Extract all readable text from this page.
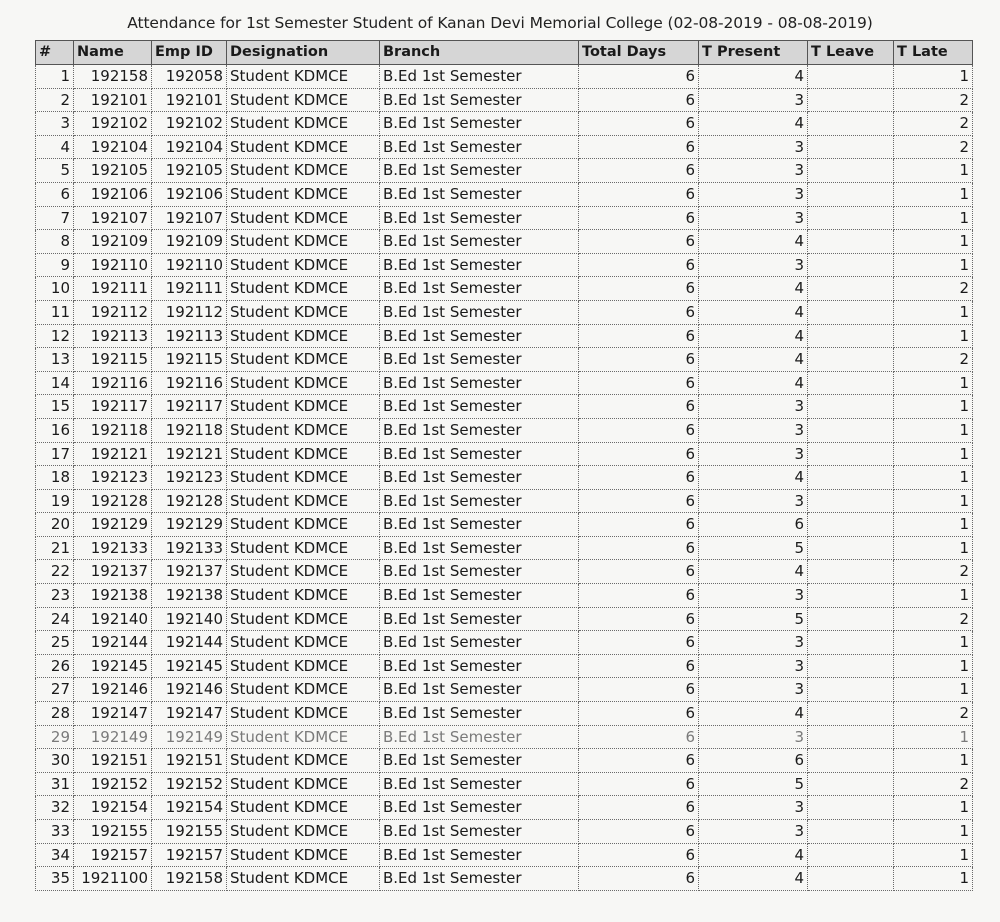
Attendance for 1st Semester Student of Kanan Devi Memorial College (02-08-2019 - 08-08-2019)
#	Name	Emp ID	Designation	Branch	Total Days	T Present	T Leave	T Late
1	192158	192058	Student KDMCE	B.Ed 1st Semester	6	4		1
2	192101	192101	Student KDMCE	B.Ed 1st Semester	6	3		2
3	192102	192102	Student KDMCE	B.Ed 1st Semester	6	4		2
4	192104	192104	Student KDMCE	B.Ed 1st Semester	6	3		2
5	192105	192105	Student KDMCE	B.Ed 1st Semester	6	3		1
6	192106	192106	Student KDMCE	B.Ed 1st Semester	6	3		1
7	192107	192107	Student KDMCE	B.Ed 1st Semester	6	3		1
8	192109	192109	Student KDMCE	B.Ed 1st Semester	6	4		1
9	192110	192110	Student KDMCE	B.Ed 1st Semester	6	3		1
10	192111	192111	Student KDMCE	B.Ed 1st Semester	6	4		2
11	192112	192112	Student KDMCE	B.Ed 1st Semester	6	4		1
12	192113	192113	Student KDMCE	B.Ed 1st Semester	6	4		1
13	192115	192115	Student KDMCE	B.Ed 1st Semester	6	4		2
14	192116	192116	Student KDMCE	B.Ed 1st Semester	6	4		1
15	192117	192117	Student KDMCE	B.Ed 1st Semester	6	3		1
16	192118	192118	Student KDMCE	B.Ed 1st Semester	6	3		1
17	192121	192121	Student KDMCE	B.Ed 1st Semester	6	3		1
18	192123	192123	Student KDMCE	B.Ed 1st Semester	6	4		1
19	192128	192128	Student KDMCE	B.Ed 1st Semester	6	3		1
20	192129	192129	Student KDMCE	B.Ed 1st Semester	6	6		1
21	192133	192133	Student KDMCE	B.Ed 1st Semester	6	5		1
22	192137	192137	Student KDMCE	B.Ed 1st Semester	6	4		2
23	192138	192138	Student KDMCE	B.Ed 1st Semester	6	3		1
24	192140	192140	Student KDMCE	B.Ed 1st Semester	6	5		2
25	192144	192144	Student KDMCE	B.Ed 1st Semester	6	3		1
26	192145	192145	Student KDMCE	B.Ed 1st Semester	6	3		1
27	192146	192146	Student KDMCE	B.Ed 1st Semester	6	3		1
28	192147	192147	Student KDMCE	B.Ed 1st Semester	6	4		2
29	192149	192149	Student KDMCE	B.Ed 1st Semester	6	3		1
30	192151	192151	Student KDMCE	B.Ed 1st Semester	6	6		1
31	192152	192152	Student KDMCE	B.Ed 1st Semester	6	5		2
32	192154	192154	Student KDMCE	B.Ed 1st Semester	6	3		1
33	192155	192155	Student KDMCE	B.Ed 1st Semester	6	3		1
34	192157	192157	Student KDMCE	B.Ed 1st Semester	6	4		1
35	1921100	192158	Student KDMCE	B.Ed 1st Semester	6	4		1
